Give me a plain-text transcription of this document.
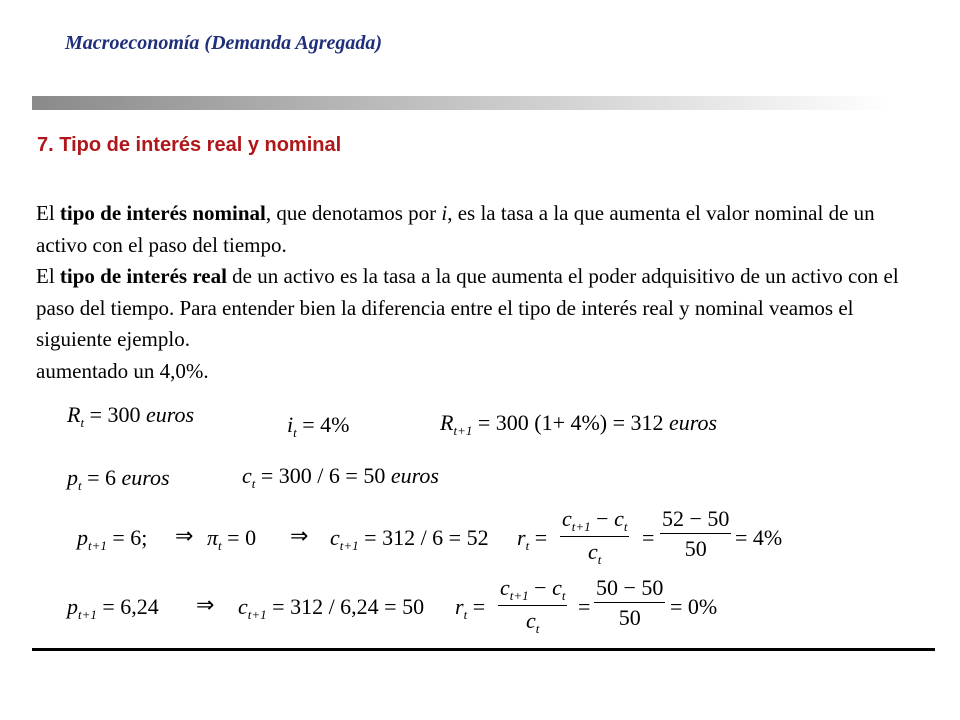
Macroeconomía (Demanda Agregada)
7. Tipo de interés real y nominal

El tipo de interés nominal, que denotamos por i, es la tasa a la que aumenta el valor nominal de un activo con el paso del tiempo.

El tipo de interés real de un activo es la tasa a la que aumenta el poder adquisitivo de un activo con el paso del tiempo. Para entender bien la diferencia entre el tipo de interés real y nominal veamos el siguiente ejemplo.

aumentado un 4,0%.

$R_t = 300$ euros	$i_t = 4\%$	$R_{t+1} = 300$ (1+ 4%) = 312 euros
$p_t = 6$ euros	$c_t = 300 / 6 = 50$ euros
$p_{t+1} = 6$; ⇒ $\pi_t = 0$ ⇒ $c_{t+1} = 312 / 6 = 52$ $r_t = \frac{c_{t+1} - c_t}{c_t} = \frac{52 - 50}{50} = 4\%$
$p_{t+1} = 6,24$ ⇒ $c_{t+1} = 312 / 6,24 = 50$ $r_t = \frac{c_{t+1} - c_t}{c_t} = \frac{50 - 50}{50} = 0\%$
